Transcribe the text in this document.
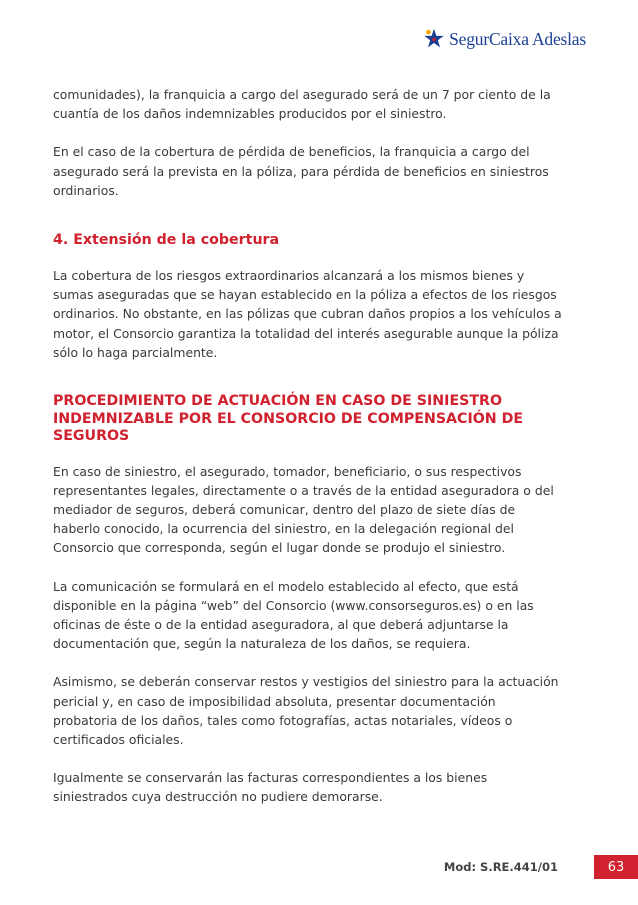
SegurCaixa Adeslas

comunidades), la franquicia a cargo del asegurado será de un 7 por ciento de la cuantía de los daños indemnizables producidos por el siniestro.

En el caso de la cobertura de pérdida de beneficios, la franquicia a cargo del asegurado será la prevista en la póliza, para pérdida de beneficios en siniestros ordinarios.

4. Extensión de la cobertura

La cobertura de los riesgos extraordinarios alcanzará a los mismos bienes y sumas aseguradas que se hayan establecido en la póliza a efectos de los riesgos ordinarios. No obstante, en las pólizas que cubran daños propios a los vehículos a motor, el Consorcio garantiza la totalidad del interés asegurable aunque la póliza sólo lo haga parcialmente.

PROCEDIMIENTO DE ACTUACIÓN EN CASO DE SINIESTRO INDEMNIZABLE POR EL CONSORCIO DE COMPENSACIÓN DE SEGUROS

En caso de siniestro, el asegurado, tomador, beneficiario, o sus respectivos representantes legales, directamente o a través de la entidad aseguradora o del mediador de seguros, deberá comunicar, dentro del plazo de siete días de haberlo conocido, la ocurrencia del siniestro, en la delegación regional del Consorcio que corresponda, según el lugar donde se produjo el siniestro.

La comunicación se formulará en el modelo establecido al efecto, que está disponible en la página “web” del Consorcio (www.consorseguros.es) o en las oficinas de éste o de la entidad aseguradora, al que deberá adjuntarse la documentación que, según la naturaleza de los daños, se requiera.

Asimismo, se deberán conservar restos y vestigios del siniestro para la actuación pericial y, en caso de imposibilidad absoluta, presentar documentación probatoria de los daños, tales como fotografías, actas notariales, vídeos o certificados oficiales.

Igualmente se conservarán las facturas correspondientes a los bienes siniestrados cuya destrucción no pudiere demorarse.

Mod: S.RE.441/01	63
